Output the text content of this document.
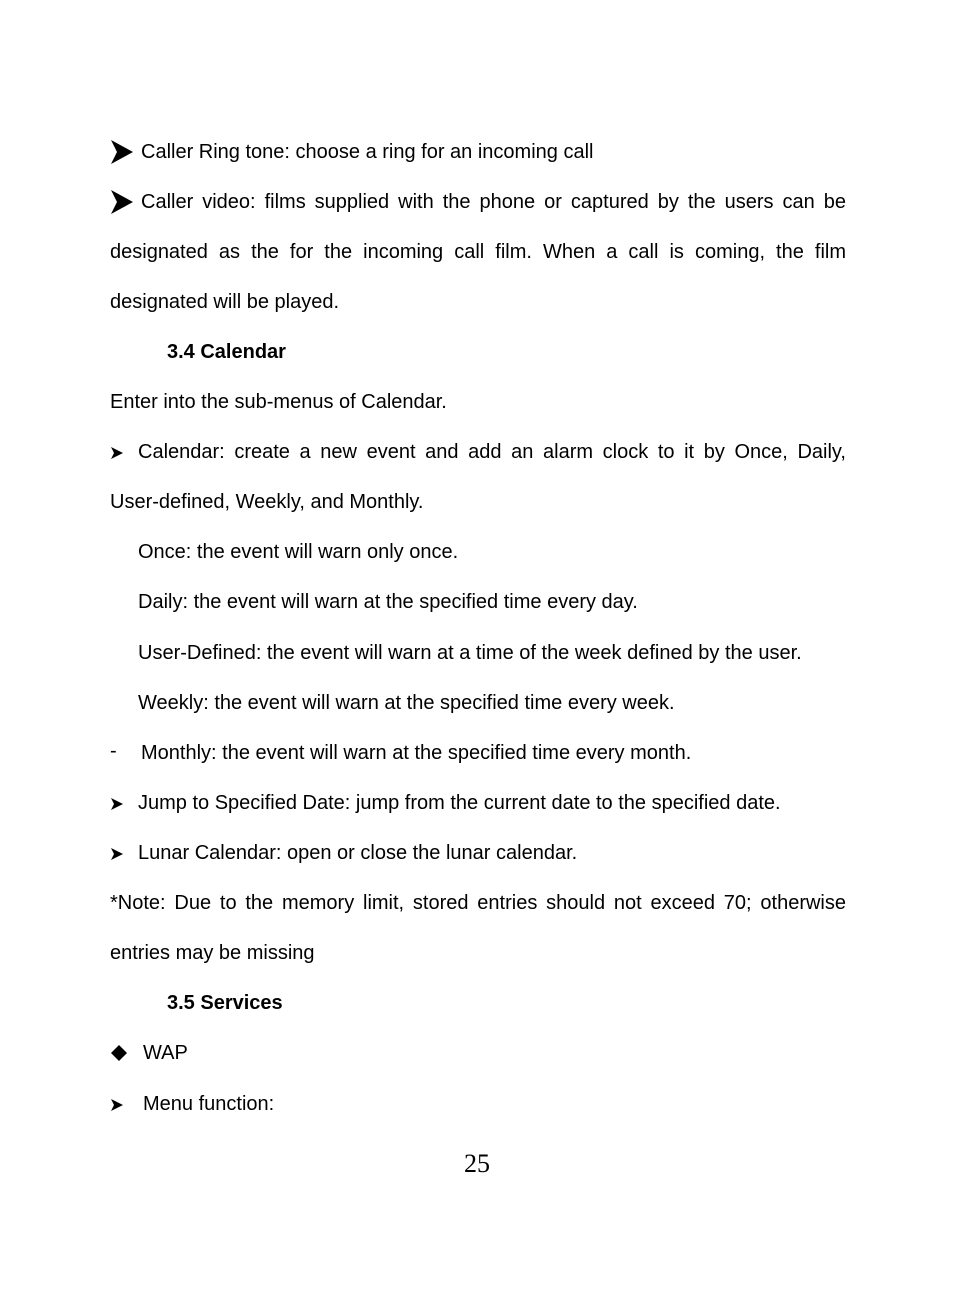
Caller Ring tone: choose a ring for an incoming call
Caller video: films supplied with the phone or captured by the users can be
designated as the for the incoming call film. When a call is coming, the film
designated will be played.
3.4 Calendar
Enter into the sub-menus of Calendar.
Calendar: create a new event and add an alarm clock to it by Once, Daily,
User-defined, Weekly, and Monthly.
Once: the event will warn only once.
Daily: the event will warn at the specified time every day.
User-Defined: the event will warn at a time of the week defined by the user.
Weekly: the event will warn at the specified time every week.
- Monthly: the event will warn at the specified time every month.
Jump to Specified Date: jump from the current date to the specified date.
Lunar Calendar: open or close the lunar calendar.
*Note: Due to the memory limit, stored entries should not exceed 70; otherwise
entries may be missing
3.5 Services
WAP
Menu function:
25
